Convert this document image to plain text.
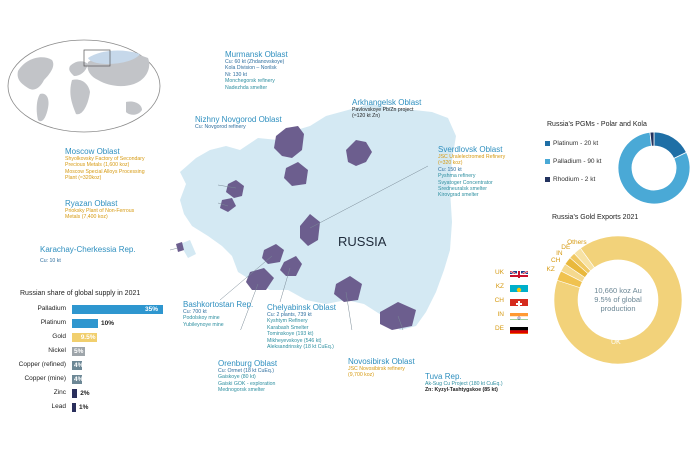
RUSSIA
Murmansk Oblast
Cu: 60 kt (Zhdanovskoye)
Kola Division – Norilsk
Ni: 130 kt
Monchegorsk refinery
Nadezhda smelter
Arkhangelsk Oblast
Pavlovskoye Pb/Zn project
(≈120 kt Zn)
Nizhny Novgorod Oblast
Cu: Novgorod refinery
Moscow Oblast
Shyolkovsky Factory of Secondary
Precious Metals (1,600 koz)
Moscow Special Alloys Processing
Plant (≈320koz)
Ryazan Oblast
Prioksky Plant of Non-Ferrous
Metals (7,400 koz)
Karachay-Cherkessia Rep.
Cu: 10 kt
Sverdlovsk Oblast
JSC Uralelectromed Refinery
(≈320 koz)
Cu: 150 kt
Pyshma refinery
Svyatoger Concentrator
Sredneuralsk smelter
Kirovgrad smelter
Bashkortostan Rep.
Cu: 700 kt
Podolskoy mine
Yubileynoye mine
Chelyabinsk Oblast
Cu: 2 plants, 739 kt
Kyshtym Refinery
Karabash Smelter
Tominskoye (193 kt)
Mikheyevskoye (546 kt)
Aleksandrinsky (18 kt CuEq.)
Orenburg Oblast
Cu: Ormet (18 kt CuEq.)
Gaiskoye (80 kt)
Gaiski GOK - exploration
Mednogorsk smelter
Novosibirsk Oblast
JSC Novosibirsk refinery
(9,700 koz)	Tuva Rep.
Ak-Sug Cu Project (180 kt CuEq.)
Zn: Kyzyl-Tashtygskoe (85 kt)
Russian share of global supply in 2021
Palladium	35%
Platinum	10%
Gold 9.5%
Nickel 5%
Copper (refined) 4%
Copper (mine) 4%
Zinc 2%
Lead 1%
Russia’s PGMs - Polar and Kola
Platinum - 20 kt
Palladium - 90 kt
Rhodium - 2 kt
Russia’s Gold Exports 2021
KZ
CH
IN
DE
Others
10,660 koz Au
9.5% of global
production
UK
UK
KZ
CH
IN
DE
